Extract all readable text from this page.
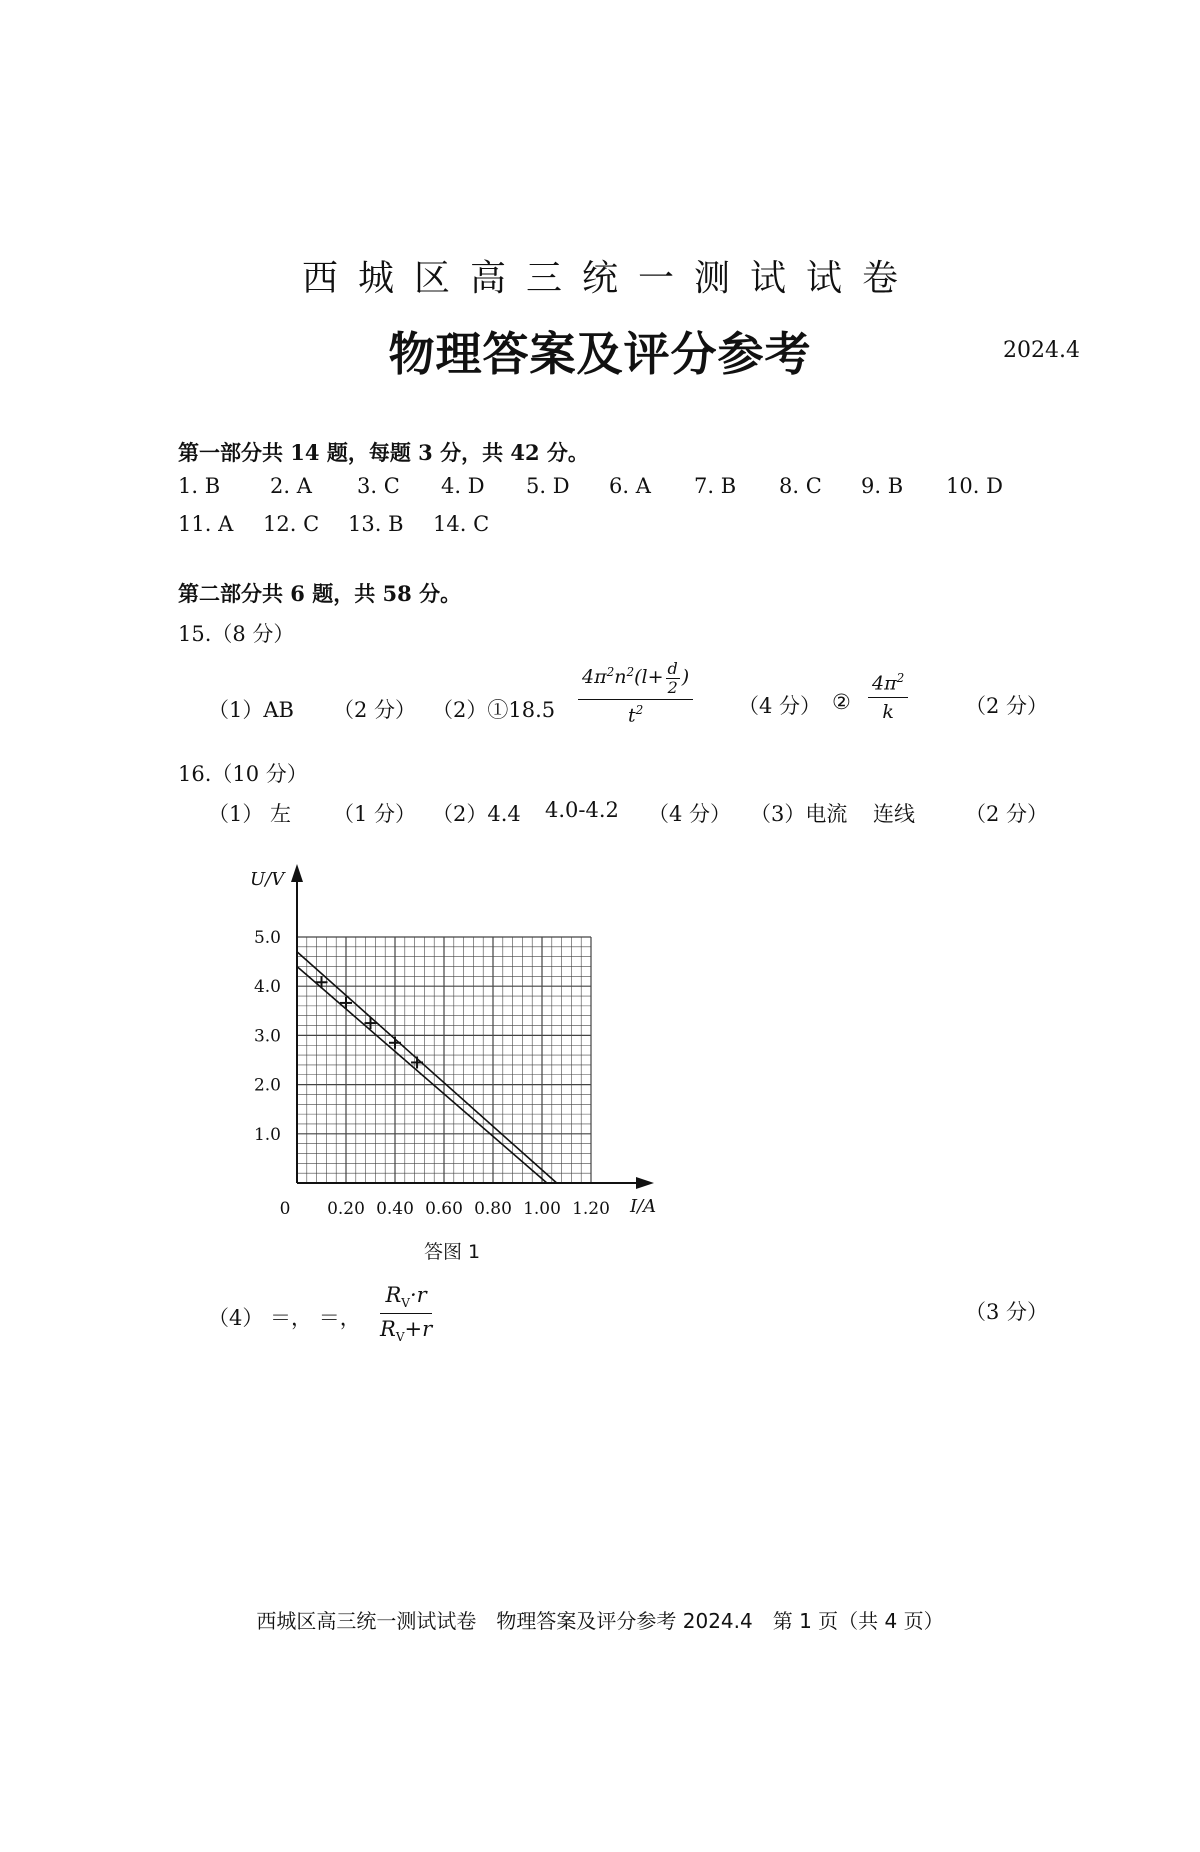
西城区高三统一测试试卷
物理答案及评分参考	2024.4
第一部分共 14 题，每题 3 分，共 42 分。
1. B 2. A 3. C 4. D 5. D 6. A 7. B 8. C 9. B 10. D
11. A 12. C 13. B 14. C
第二部分共 6 题，共 58 分。
15.（8 分）
（1）AB （2 分） （2）①18.5 $\frac{4\pi^2n^2(l+ \frac{d}{2} )}{t^2} (4$ 分） ② $\frac{4\pi^2}{k}$	（2 分）
16.（10 分）
（1） 左 （1 分） （2）4.4 4.0-4.2 （4 分） （3）电流 连线 （2 分）
1.0
2.0
3.0
4.0
5.0
0.20 0.40 0.60 0.80 1.00 1.20
0
U/V
I/A
答图 1
（4） ＝， ＝， $\frac{R_V\cdot r}{R_V+r}$	（3 分）
西城区高三统一测试试卷　物理答案及评分参考 2024.4　第 1 页（共 4 页）
